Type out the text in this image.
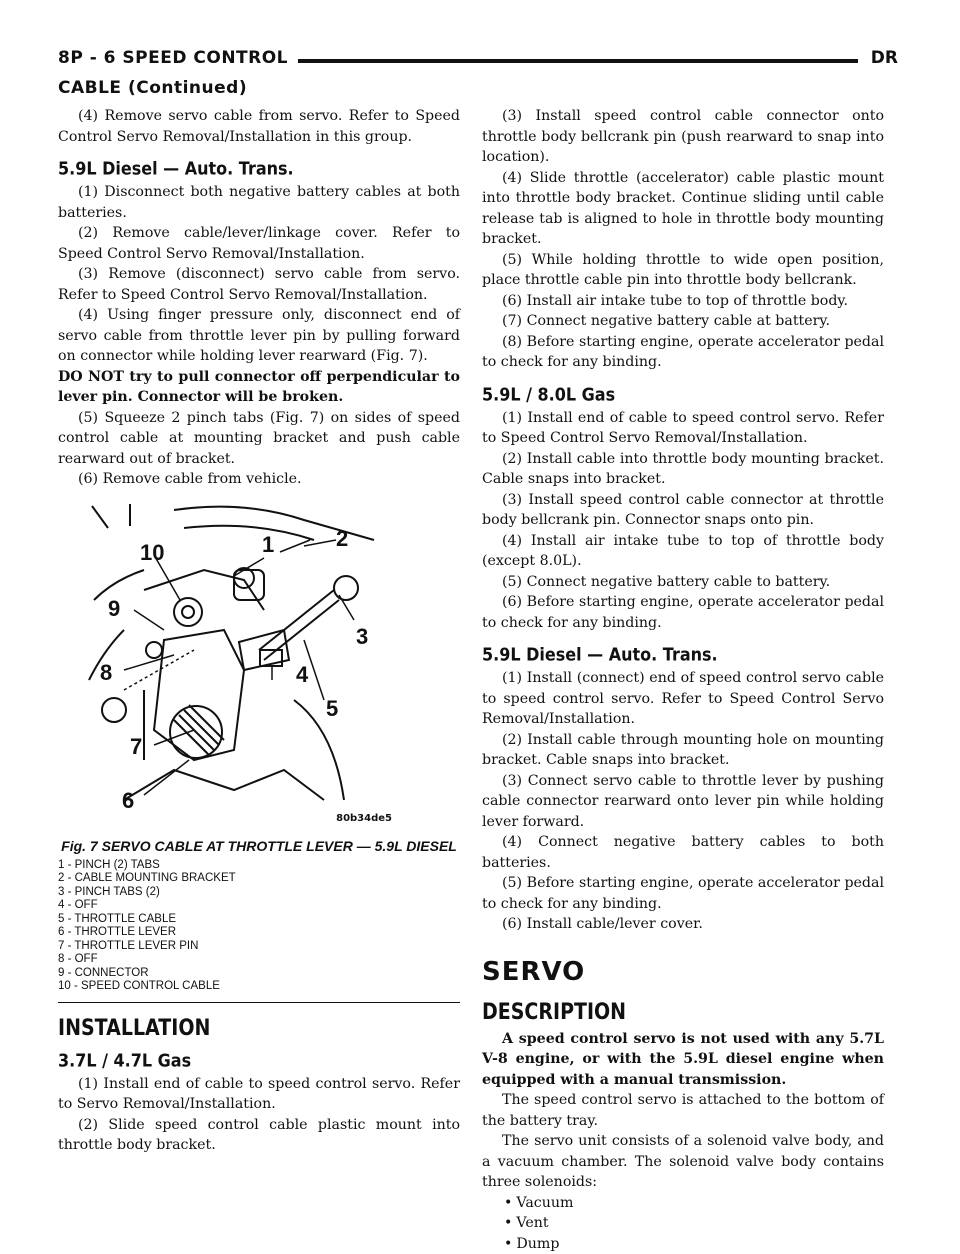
8P - 6 SPEED CONTROL	DR
CABLE (Continued)

(4) Remove servo cable from servo. Refer to Speed Control Servo Removal/Installation in this group.

5.9L Diesel — Auto. Trans.

(1) Disconnect both negative battery cables at both batteries.

(2) Remove cable/lever/linkage cover. Refer to Speed Control Servo Removal/Installation.

(3) Remove (disconnect) servo cable from servo. Refer to Speed Control Servo Removal/Installation.

(4) Using finger pressure only, disconnect end of servo cable from throttle lever pin by pulling forward on connector while holding lever rearward (Fig. 7).

DO NOT try to pull connector off perpendicular to lever pin. Connector will be broken.

(5) Squeeze 2 pinch tabs (Fig. 7) on sides of speed control cable at mounting bracket and push cable rearward out of bracket.

(6) Remove cable from vehicle.

1	2
3
4
5
6
7
8
9
10
80b34de5
Fig. 7 SERVO CABLE AT THROTTLE LEVER — 5.9L DIESEL
1 - PINCH (2) TABS
2 - CABLE MOUNTING BRACKET
3 - PINCH TABS (2)
4 - OFF
5 - THROTTLE CABLE
6 - THROTTLE LEVER
7 - THROTTLE LEVER PIN
8 - OFF
9 - CONNECTOR
10 - SPEED CONTROL CABLE
INSTALLATION
3.7L / 4.7L Gas

(1) Install end of cable to speed control servo. Refer to Servo Removal/Installation.

(2) Slide speed control cable plastic mount into throttle body bracket.

(3) Install speed control cable connector onto throttle body bellcrank pin (push rearward to snap into location).

(4) Slide throttle (accelerator) cable plastic mount into throttle body bracket. Continue sliding until cable release tab is aligned to hole in throttle body mounting bracket.

(5) While holding throttle to wide open position, place throttle cable pin into throttle body bellcrank.

(6) Install air intake tube to top of throttle body.

(7) Connect negative battery cable at battery.

(8) Before starting engine, operate accelerator pedal to check for any binding.

5.9L / 8.0L Gas

(1) Install end of cable to speed control servo. Refer to Speed Control Servo Removal/Installation.

(2) Install cable into throttle body mounting bracket. Cable snaps into bracket.

(3) Install speed control cable connector at throttle body bellcrank pin. Connector snaps onto pin.

(4) Install air intake tube to top of throttle body (except 8.0L).

(5) Connect negative battery cable to battery.

(6) Before starting engine, operate accelerator pedal to check for any binding.

5.9L Diesel — Auto. Trans.

(1) Install (connect) end of speed control servo cable to speed control servo. Refer to Speed Control Servo Removal/Installation.

(2) Install cable through mounting hole on mounting bracket. Cable snaps into bracket.

(3) Connect servo cable to throttle lever by pushing cable connector rearward onto lever pin while holding lever forward.

(4) Connect negative battery cables to both batteries.

(5) Before starting engine, operate accelerator pedal to check for any binding.

(6) Install cable/lever cover.

SERVO
DESCRIPTION

A speed control servo is not used with any 5.7L V-8 engine, or with the 5.9L diesel engine when equipped with a manual transmission.

The speed control servo is attached to the bottom of the battery tray.

The servo unit consists of a solenoid valve body, and a vacuum chamber. The solenoid valve body contains three solenoids:

• Vacuum
• Vent
• Dump
